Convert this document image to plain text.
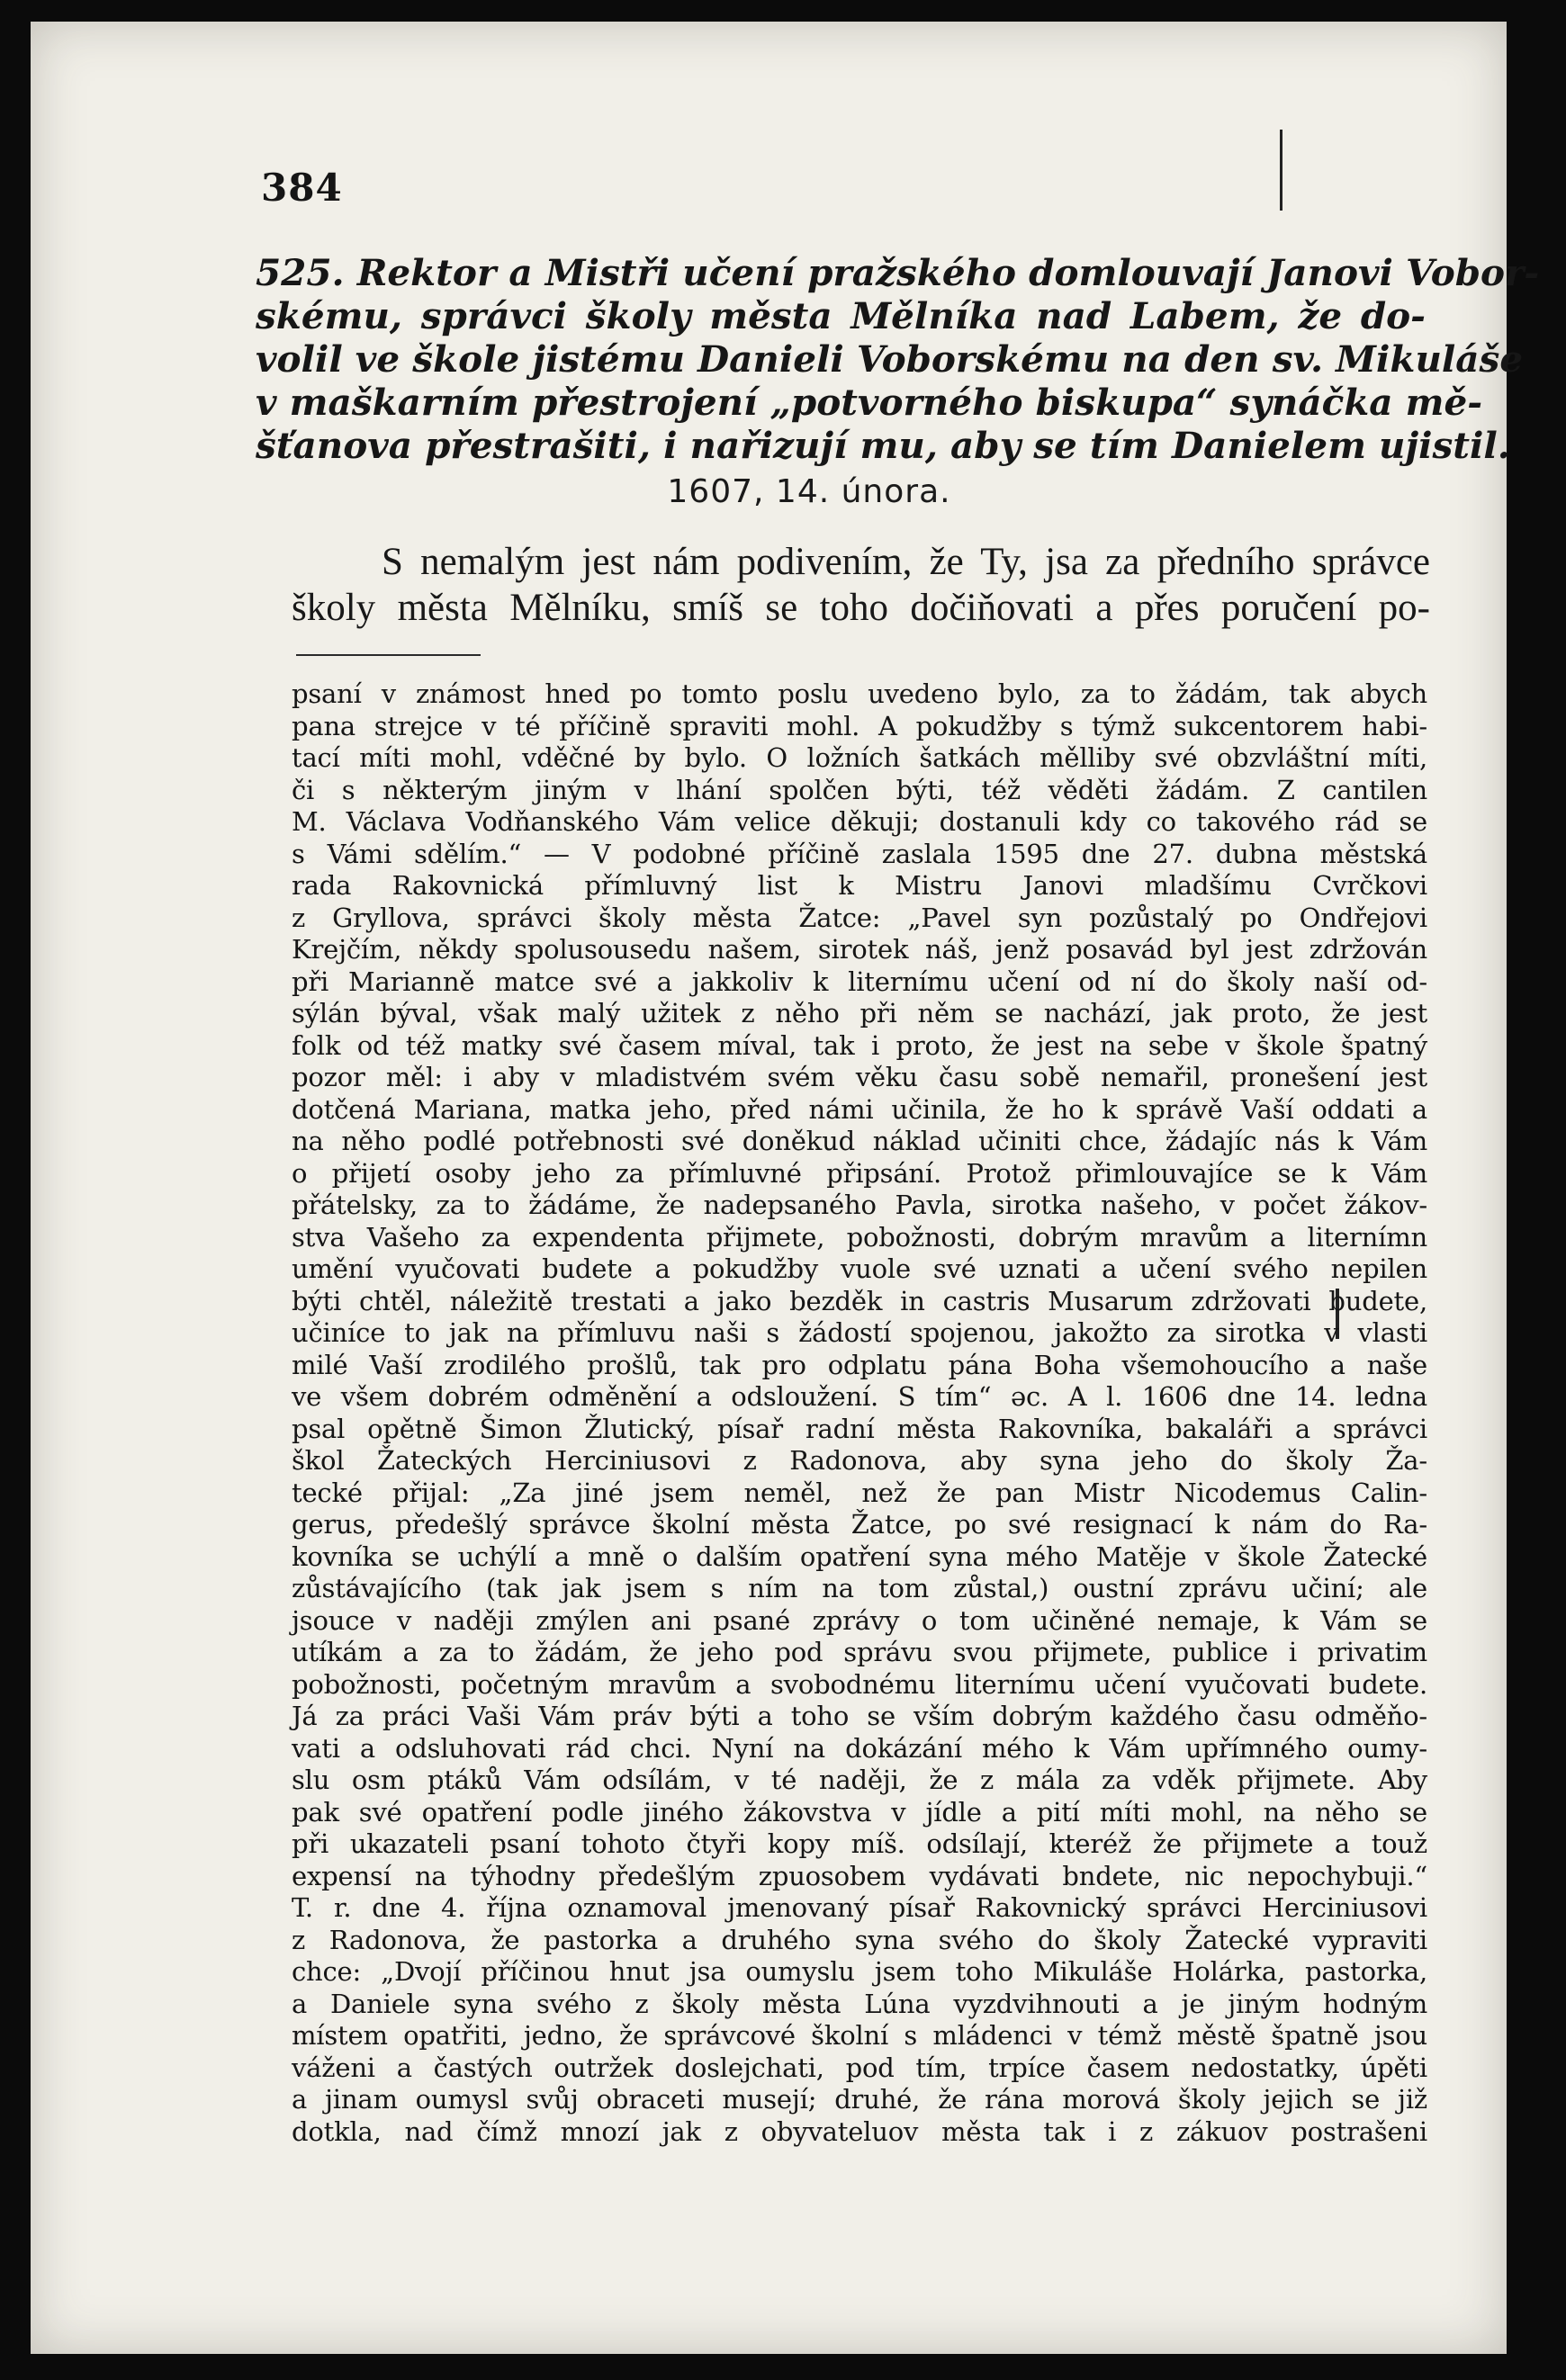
384
525. Rektor a Mistři učení pražského domlouvají Janovi Vobor-
skému, správci školy města Mělníka nad Labem, že do-
volil ve škole jistému Danieli Voborskému na den sv. Mikuláše
v maškarním přestrojení „potvorného biskupa“ synáčka mě-
šťanova přestrašiti, i nařizují mu, aby se tím Danielem ujistil.
1607, 14. února.
S nemalým jest nám podivením, že Ty, jsa za předního správce
školy města Mělníku, smíš se toho dočiňovati a přes poručení po-
psaní v známost hned po tomto poslu uvedeno bylo, za to žádám, tak abych
pana strejce v té příčině spraviti mohl. A pokudžby s týmž sukcentorem habi-
tací míti mohl, vděčné by bylo. O ložních šatkách mělliby své obzvláštní míti,
či s některým jiným v lhání spolčen býti, též věděti žádám. Z cantilen
M. Václava Vodňanského Vám velice děkuji; dostanuli kdy co takového rád se
s Vámi sdělím.“ — V podobné příčině zaslala 1595 dne 27. dubna městská
rada Rakovnická přímluvný list k Mistru Janovi mladšímu Cvrčkovi
z Gryllova, správci školy města Žatce: „Pavel syn pozůstalý po Ondřejovi
Krejčím, někdy spolusousedu našem, sirotek náš, jenž posavád byl jest zdržován
při Marianně matce své a jakkoliv k liternímu učení od ní do školy naší od-
sýlán býval, však malý užitek z něho při něm se nachází, jak proto, že jest
folk od též matky své časem míval, tak i proto, že jest na sebe v škole špatný
pozor měl: i aby v mladistvém svém věku času sobě nemařil, pronešení jest
dotčená Mariana, matka jeho, před námi učinila, že ho k správě Vaší oddati a
na něho podlé potřebnosti své doněkud náklad učiniti chce, žádajíc nás k Vám
o přijetí osoby jeho za přímluvné připsání. Protož přimlouvajíce se k Vám
přátelsky, za to žádáme, že nadepsaného Pavla, sirotka našeho, v počet žákov-
stva Vašeho za expendenta přijmete, pobožnosti, dobrým mravům a liternímn
umění vyučovati budete a pokudžby vuole své uznati a učení svého nepilen
býti chtěl, náležitě trestati a jako bezděk in castris Musarum zdržovati budete,
učiníce to jak na přímluvu naši s žádostí spojenou, jakožto za sirotka v vlasti
milé Vaší zrodilého prošlů, tak pro odplatu pána Boha všemohoucího a naše
ve všem dobrém odměnění a odsloužení. S tím“ əc. A l. 1606 dne 14. ledna
psal opětně Šimon Žlutický, písař radní města Rakovníka, bakaláři a správci
škol Žateckých Herciniusovi z Radonova, aby syna jeho do školy Ža-
tecké přijal: „Za jiné jsem neměl, než že pan Mistr Nicodemus Calin-
gerus, předešlý správce školní města Žatce, po své resignací k nám do Ra-
kovníka se uchýlí a mně o dalším opatření syna mého Matěje v škole Žatecké
zůstávajícího (tak jak jsem s ním na tom zůstal,) oustní zprávu učiní; ale
jsouce v naději zmýlen ani psané zprávy o tom učiněné nemaje, k Vám se
utíkám a za to žádám, že jeho pod správu svou přijmete, publice i privatim
pobožnosti, početným mravům a svobodnému liternímu učení vyučovati budete.
Já za práci Vaši Vám práv býti a toho se vším dobrým každého času odměňo-
vati a odsluhovati rád chci. Nyní na dokázání mého k Vám upřímného oumy-
slu osm ptáků Vám odsílám, v té naději, že z mála za vděk přijmete. Aby
pak své opatření podle jiného žákovstva v jídle a pití míti mohl, na něho se
při ukazateli psaní tohoto čtyři kopy míš. odsílají, kteréž že přijmete a touž
expensí na týhodny předešlým zpuosobem vydávati bndete, nic nepochybuji.“
T. r. dne 4. října oznamoval jmenovaný písař Rakovnický správci Herciniusovi
z Radonova, že pastorka a druhého syna svého do školy Žatecké vypraviti
chce: „Dvojí příčinou hnut jsa oumyslu jsem toho Mikuláše Holárka, pastorka,
a Daniele syna svého z školy města Lúna vyzdvihnouti a je jiným hodným
místem opatřiti, jedno, že správcové školní s mládenci v témž městě špatně jsou
váženi a častých outržek doslejchati, pod tím, trpíce časem nedostatky, úpěti
a jinam oumysl svůj obraceti musejí; druhé, že rána morová školy jejich se již
dotkla, nad čímž mnozí jak z obyvateluov města tak i z zákuov postrašeni
